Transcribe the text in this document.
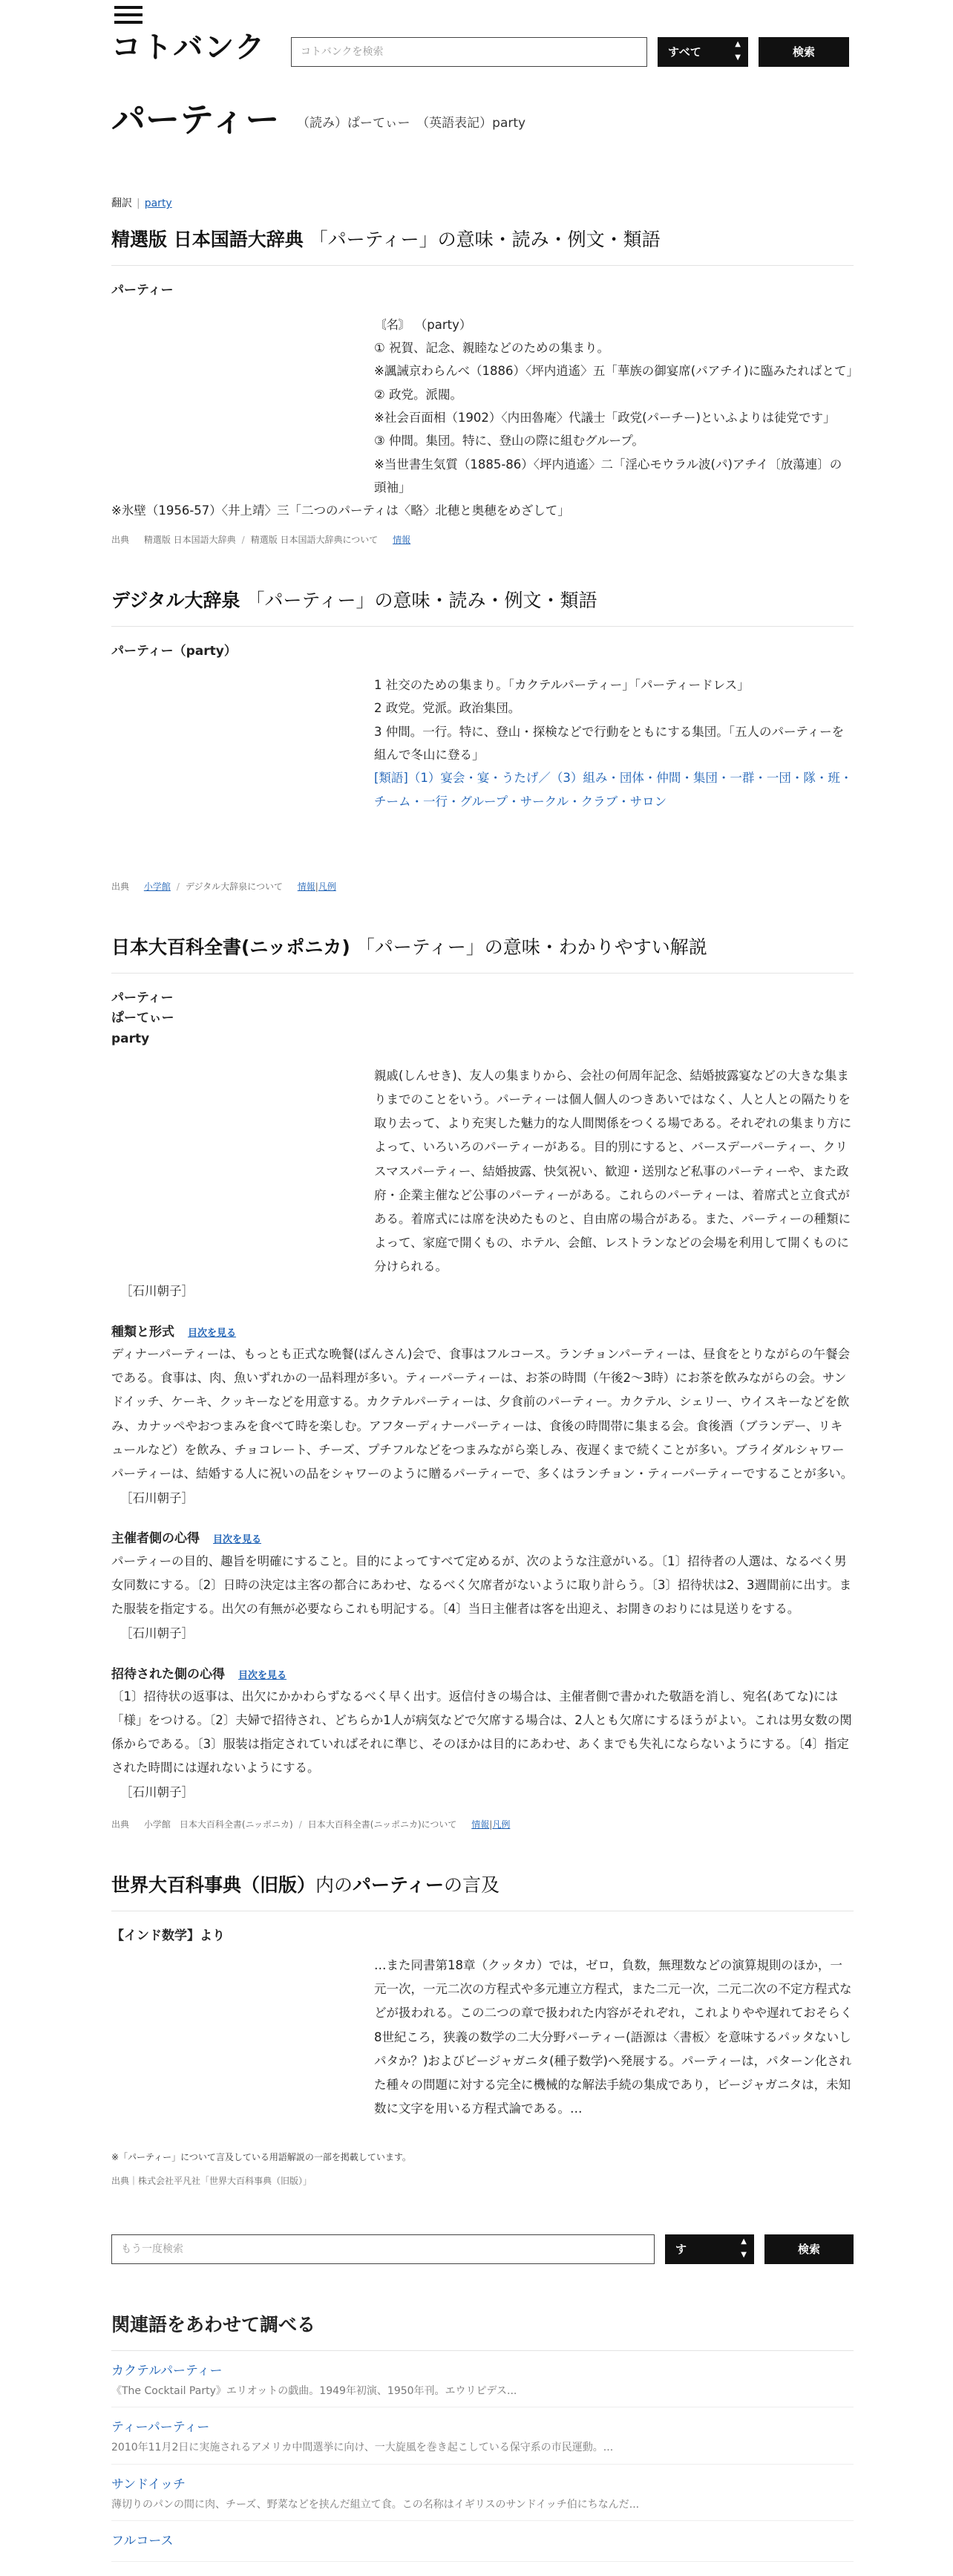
コトバンク	コトバンクを検索	すべて
▲
▼	検索
パーティー （読み）ぱーてぃー　（英語表記）party
翻訳 | party
精選版 日本国語大辞典 「パーティー」の意味・読み・例文・類語
パーティー
〘名〙 （party）
① 祝賀、記念、親睦などのための集まり。
※諷誡京わらんべ（1886）〈坪内逍遙〉五「華族の御宴席(パアチイ)に臨みたればとて」
② 政党。派閥。
※社会百面相（1902）〈内田魯庵〉代議士「政党(パーチー)といふよりは徒党です」
③ 仲間。集団。特に、登山の際に組むグループ。
※当世書生気質（1885‐86）〈坪内逍遙〉二「淫心モウラル波(パ)アチイ〔放蕩連〕の頭袖」
※氷壁（1956‐57）〈井上靖〉三「二つのパーティは〈略〉北穂と奥穂をめざして」
出典 精選版 日本国語大辞典 / 精選版 日本国語大辞典について 情報
デジタル大辞泉 「パーティー」の意味・読み・例文・類語
パーティー（party）
1 社交のための集まり。「カクテルパーティー」「パーティードレス」
2 政党。党派。政治集団。
3 仲間。一行。特に、登山・探検などで行動をともにする集団。「五人のパーティーを組んで冬山に登る」
[類語]（1）宴会・宴・うたげ／（3）組み・団体・仲間・集団・一群・一団・隊・班・チーム・一行・グループ・サークル・クラブ・サロン
出典 小学館 / デジタル大辞泉について 情報|凡例
日本大百科全書(ニッポニカ) 「パーティー」の意味・わかりやすい解説
パーティー
ぱーてぃー
party
親戚(しんせき)、友人の集まりから、会社の何周年記念、結婚披露宴などの大きな集まりまでのことをいう。パーティーは個人個人のつきあいではなく、人と人との隔たりを取り去って、より充実した魅力的な人間関係をつくる場である。それぞれの集まり方によって、いろいろのパーティーがある。目的別にすると、バースデーパーティー、クリスマスパーティー、結婚披露、快気祝い、歓迎・送別など私事のパーティーや、また政府・企業主催など公事のパーティーがある。これらのパーティーは、着席式と立食式がある。着席式には席を決めたものと、自由席の場合がある。また、パーティーの種類によって、家庭で開くもの、ホテル、会館、レストランなどの会場を利用して開くものに分けられる。
［石川朝子］
種類と形式 目次を見る
ディナーパーティーは、もっとも正式な晩餐(ばんさん)会で、食事はフルコース。ランチョンパーティーは、昼食をとりながらの午餐会である。食事は、肉、魚いずれかの一品料理が多い。ティーパーティーは、お茶の時間（午後2～3時）にお茶を飲みながらの会。サンドイッチ、ケーキ、クッキーなどを用意する。カクテルパーティーは、夕食前のパーティー。カクテル、シェリー、ウイスキーなどを飲み、カナッペやおつまみを食べて時を楽しむ。アフターディナーパーティーは、食後の時間帯に集まる会。食後酒（ブランデー、リキュールなど）を飲み、チョコレート、チーズ、プチフルなどをつまみながら楽しみ、夜遅くまで続くことが多い。ブライダルシャワーパーティーは、結婚する人に祝いの品をシャワーのように贈るパーティーで、多くはランチョン・ティーパーティーですることが多い。
［石川朝子］
主催者側の心得 目次を見る
パーティーの目的、趣旨を明確にすること。目的によってすべて定めるが、次のような注意がいる。〔1〕招待者の人選は、なるべく男女同数にする。〔2〕日時の決定は主客の都合にあわせ、なるべく欠席者がないように取り計らう。〔3〕招待状は2、3週間前に出す。また服装を指定する。出欠の有無が必要ならこれも明記する。〔4〕当日主催者は客を出迎え、お開きのおりには見送りをする。
［石川朝子］
招待された側の心得 目次を見る
〔1〕招待状の返事は、出欠にかかわらずなるべく早く出す。返信付きの場合は、主催者側で書かれた敬語を消し、宛名(あてな)には「様」をつける。〔2〕夫婦で招待され、どちらか1人が病気などで欠席する場合は、2人とも欠席にするほうがよい。これは男女数の関係からである。〔3〕服装は指定されていればそれに準じ、そのほかは目的にあわせ、あくまでも失礼にならないようにする。〔4〕指定された時間には遅れないようにする。
［石川朝子］
出典 小学館　日本大百科全書(ニッポニカ) / 日本大百科全書(ニッポニカ)について 情報|凡例
世界大百科事典（旧版）内のパーティーの言及
【インド数学】より
…また同書第18章（クッタカ）では，ゼロ，負数，無理数などの演算規則のほか，一元一次，一元二次の方程式や多元連立方程式，また二元一次，二元二次の不定方程式などが扱われる。この二つの章で扱われた内容がそれぞれ，これよりやや遅れておそらく8世紀ころ，狭義の数学の二大分野パーティー(語源は〈書板〉を意味するパッタないしパタか？)およびビージャガニタ(種子数学)へ発展する。パーティーは，パターン化された種々の問題に対する完全に機械的な解法手続の集成であり，ビージャガニタは，未知数に文字を用いる方程式論である。…
※「パーティー」について言及している用語解説の一部を掲載しています。
出典｜株式会社平凡社「世界大百科事典（旧版）」
もう一度検索	す
▲
▼	検索
関連語をあわせて調べる
カクテルパーティー
《The Cocktail Party》エリオットの戯曲。1949年初演、1950年刊。エウリピデス...
ティーパーティー
2010年11月2日に実施されるアメリカ中間選挙に向け、一大旋風を巻き起こしている保守系の市民運動。...
サンドイッチ
薄切りのパンの間に肉、チーズ、野菜などを挟んだ組立て食。この名称はイギリスのサンドイッチ伯にちなんだ...
フルコース
